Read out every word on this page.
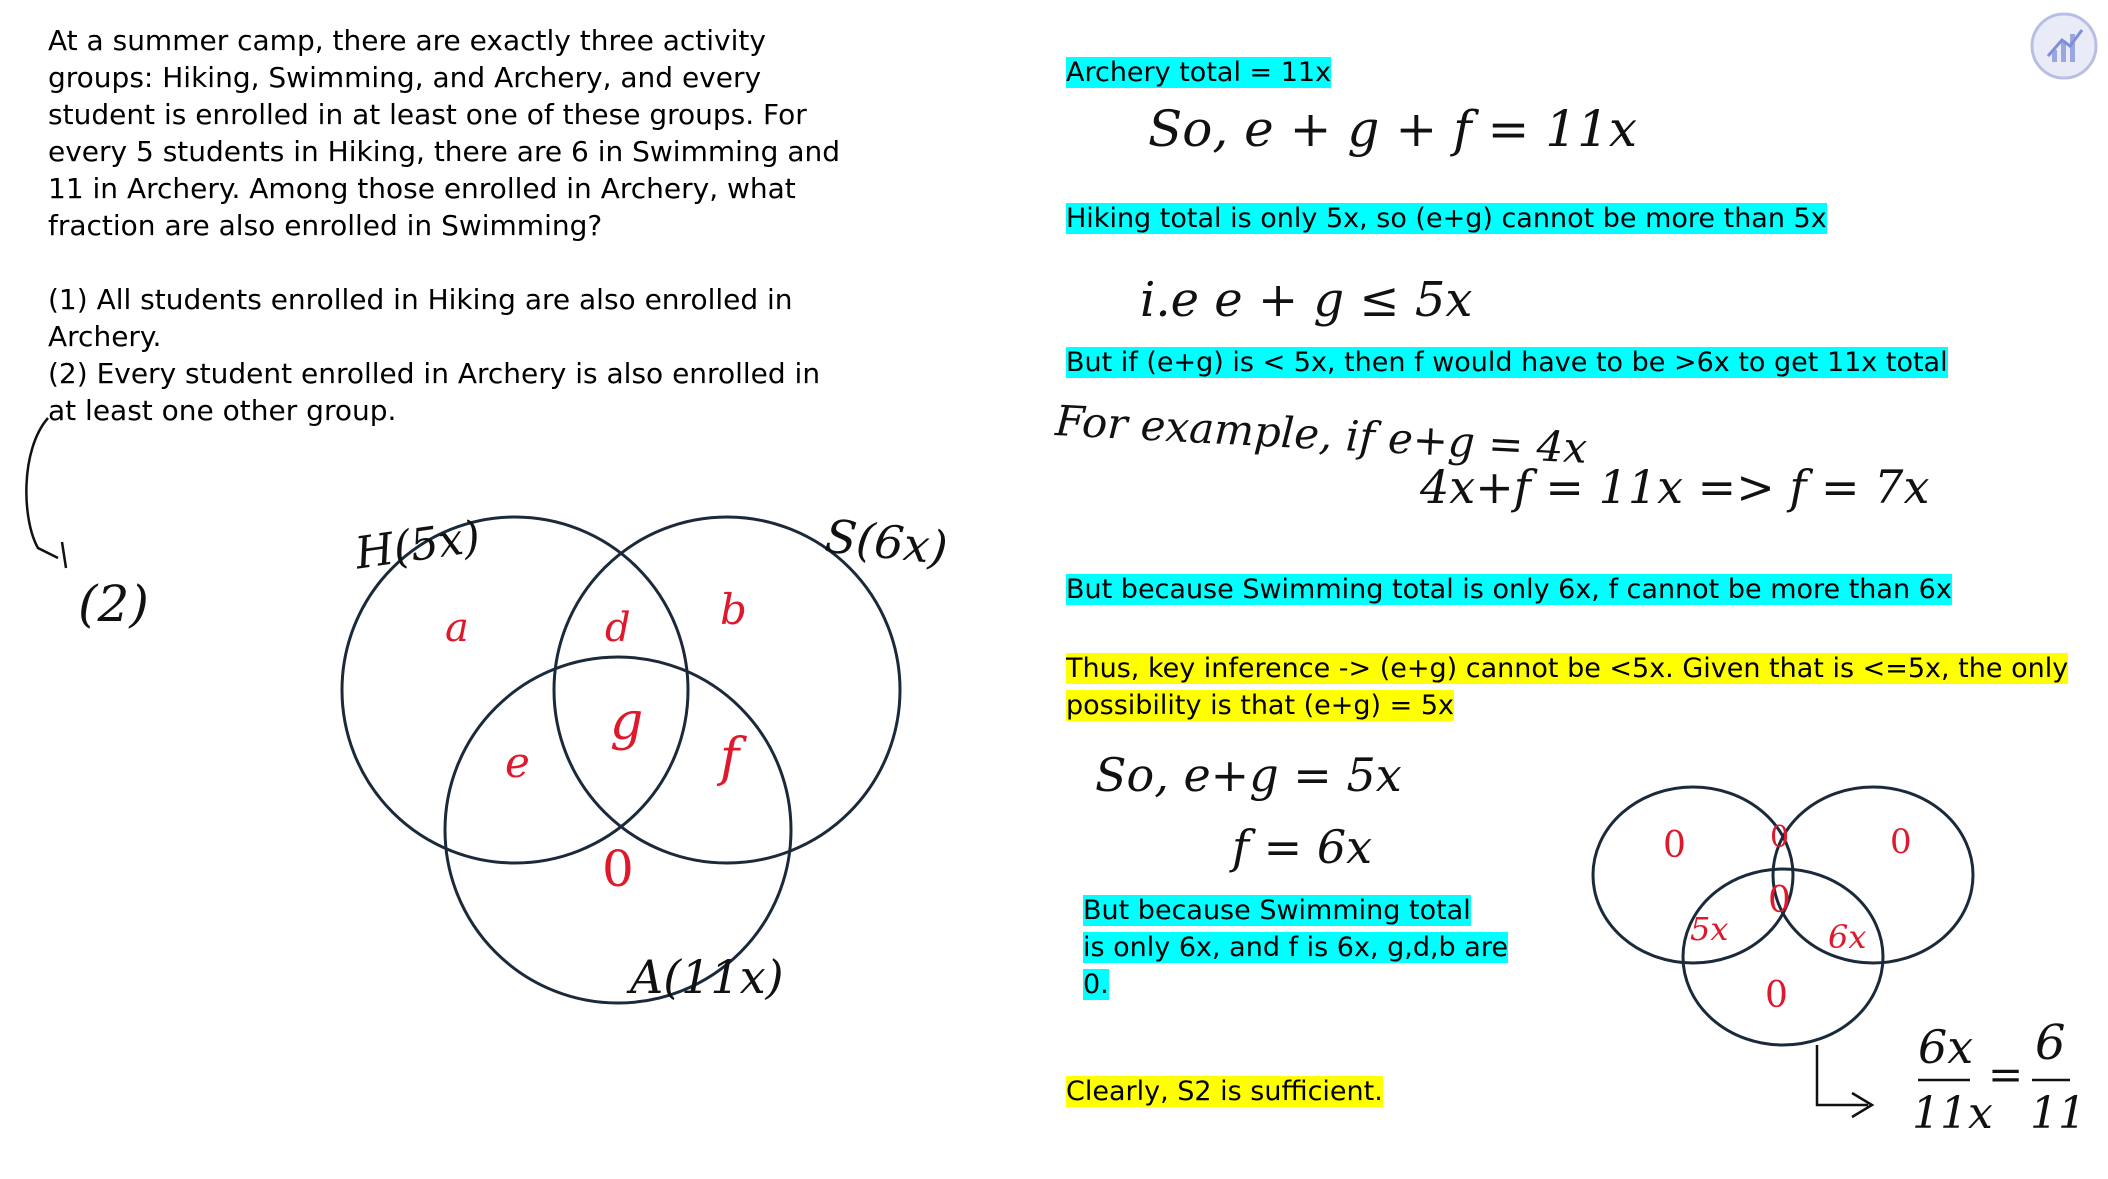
At a summer camp, there are exactly three activity

groups: Hiking, Swimming, and Archery, and every

student is enrolled in at least one of these groups. For

every 5 students in Hiking, there are 6 in Swimming and

11 in Archery. Among those enrolled in Archery, what

fraction are also enrolled in Swimming?

(1) All students enrolled in Hiking are also enrolled in

Archery.

(2) Every student enrolled in Archery is also enrolled in

at least one other group.

(2)
H(5x)	S(6x)
A(11x)
a	b
d
g
e	f
0
Archery total = 11x
Hiking total is only 5x, so (e+g) cannot be more than 5x
But if (e+g) is < 5x, then f would have to be >6x to get 11x total
But because Swimming total is only 6x, f cannot be more than 6x
Thus, key inference -> (e+g) cannot be <5x. Given that is <=5x, the only
possibility is that (e+g) = 5x
But because Swimming total
is only 6x, and f is 6x, g,d,b are
0.
Clearly, S2 is sufficient.
So, e + g + f = 11x
i.e e + g ≤ 5x
For example, if e+g = 4x
4x+f = 11x => f = 7x
So, e+g = 5x
f = 6x	0	0	0
0
5x	6x
0
6x
11x
=
6
11
